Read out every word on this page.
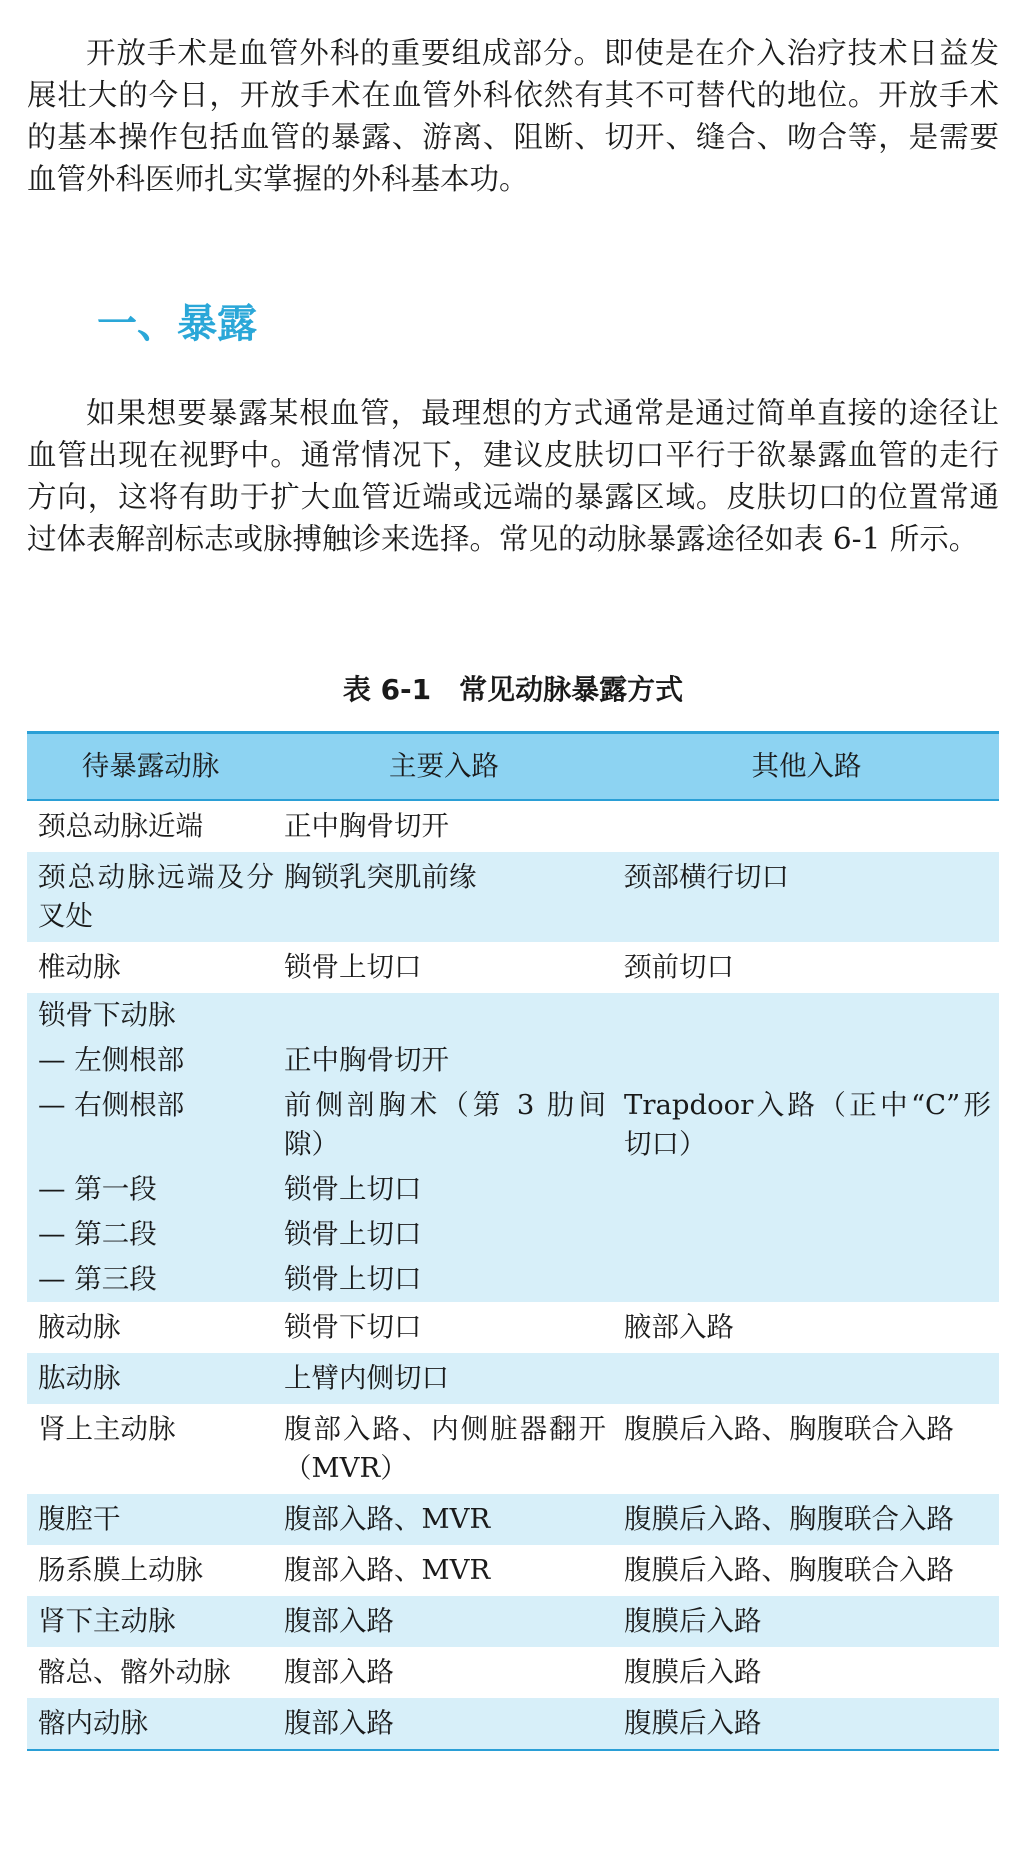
开放手术是血管外科的重要组成部分。即使是在介入治疗技术日益发展壮大的今日，开放手术在血管外科依然有其不可替代的地位。开放手术的基本操作包括血管的暴露、游离、阻断、切开、缝合、吻合等，是需要血管外科医师扎实掌握的外科基本功。

一、暴露

如果想要暴露某根血管，最理想的方式通常是通过简单直接的途径让血管出现在视野中。通常情况下，建议皮肤切口平行于欲暴露血管的走行方向，这将有助于扩大血管近端或远端的暴露区域。皮肤切口的位置常通过体表解剖标志或脉搏触诊来选择。常见的动脉暴露途径如表 6-1 所示。

表 6-1　常见动脉暴露方式
待暴露动脉	主要入路	其他入路
颈总动脉近端	正中胸骨切开	
颈总动脉远端及分叉处	胸锁乳突肌前缘	颈部横行切口
椎动脉	锁骨上切口	颈前切口
锁骨下动脉		
— 左侧根部	正中胸骨切开	
— 右侧根部	前侧剖胸术（第 3 肋间隙）	Trapdoor入路（正中“C”形切口）
— 第一段	锁骨上切口	
— 第二段	锁骨上切口	
— 第三段	锁骨上切口	
腋动脉	锁骨下切口	腋部入路
肱动脉	上臂内侧切口	
肾上主动脉	腹部入路、内侧脏器翻开（MVR）	腹膜后入路、胸腹联合入路
腹腔干	腹部入路、MVR	腹膜后入路、胸腹联合入路
肠系膜上动脉	腹部入路、MVR	腹膜后入路、胸腹联合入路
肾下主动脉	腹部入路	腹膜后入路
髂总、髂外动脉	腹部入路	腹膜后入路
髂内动脉	腹部入路	腹膜后入路
